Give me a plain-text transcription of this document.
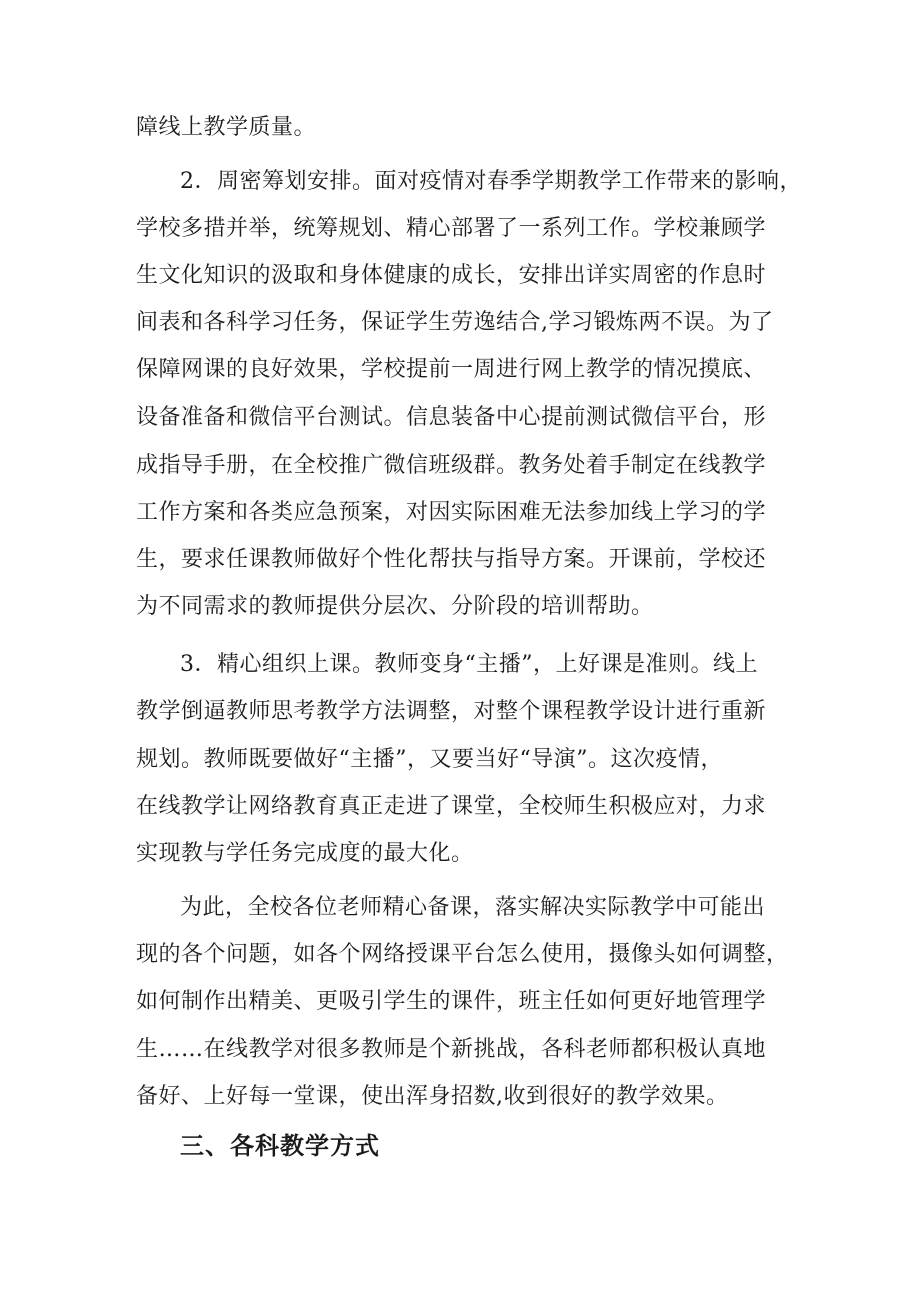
障线上教学质量。
2．周密筹划安排。面对疫情对春季学期教学工作带来的影响，
学校多措并举，统筹规划、精心部署了一系列工作。学校兼顾学
生文化知识的汲取和身体健康的成长，安排出详实周密的作息时
间表和各科学习任务，保证学生劳逸结合,学习锻炼两不误。为了
保障网课的良好效果，学校提前一周进行网上教学的情况摸底、
设备准备和微信平台测试。信息装备中心提前测试微信平台，形
成指导手册，在全校推广微信班级群。教务处着手制定在线教学
工作方案和各类应急预案，对因实际困难无法参加线上学习的学
生，要求任课教师做好个性化帮扶与指导方案。开课前，学校还
为不同需求的教师提供分层次、分阶段的培训帮助。
3．精心组织上课。教师变身“主播”，上好课是准则。线上
教学倒逼教师思考教学方法调整，对整个课程教学设计进行重新
规划。教师既要做好“主播”，又要当好“导演”。这次疫情，
在线教学让网络教育真正走进了课堂，全校师生积极应对，力求
实现教与学任务完成度的最大化。
为此，全校各位老师精心备课，落实解决实际教学中可能出
现的各个问题，如各个网络授课平台怎么使用，摄像头如何调整，
如何制作出精美、更吸引学生的课件，班主任如何更好地管理学
生……在线教学对很多教师是个新挑战，各科老师都积极认真地
备好、上好每一堂课，使出浑身招数,收到很好的教学效果。
三、各科教学方式
